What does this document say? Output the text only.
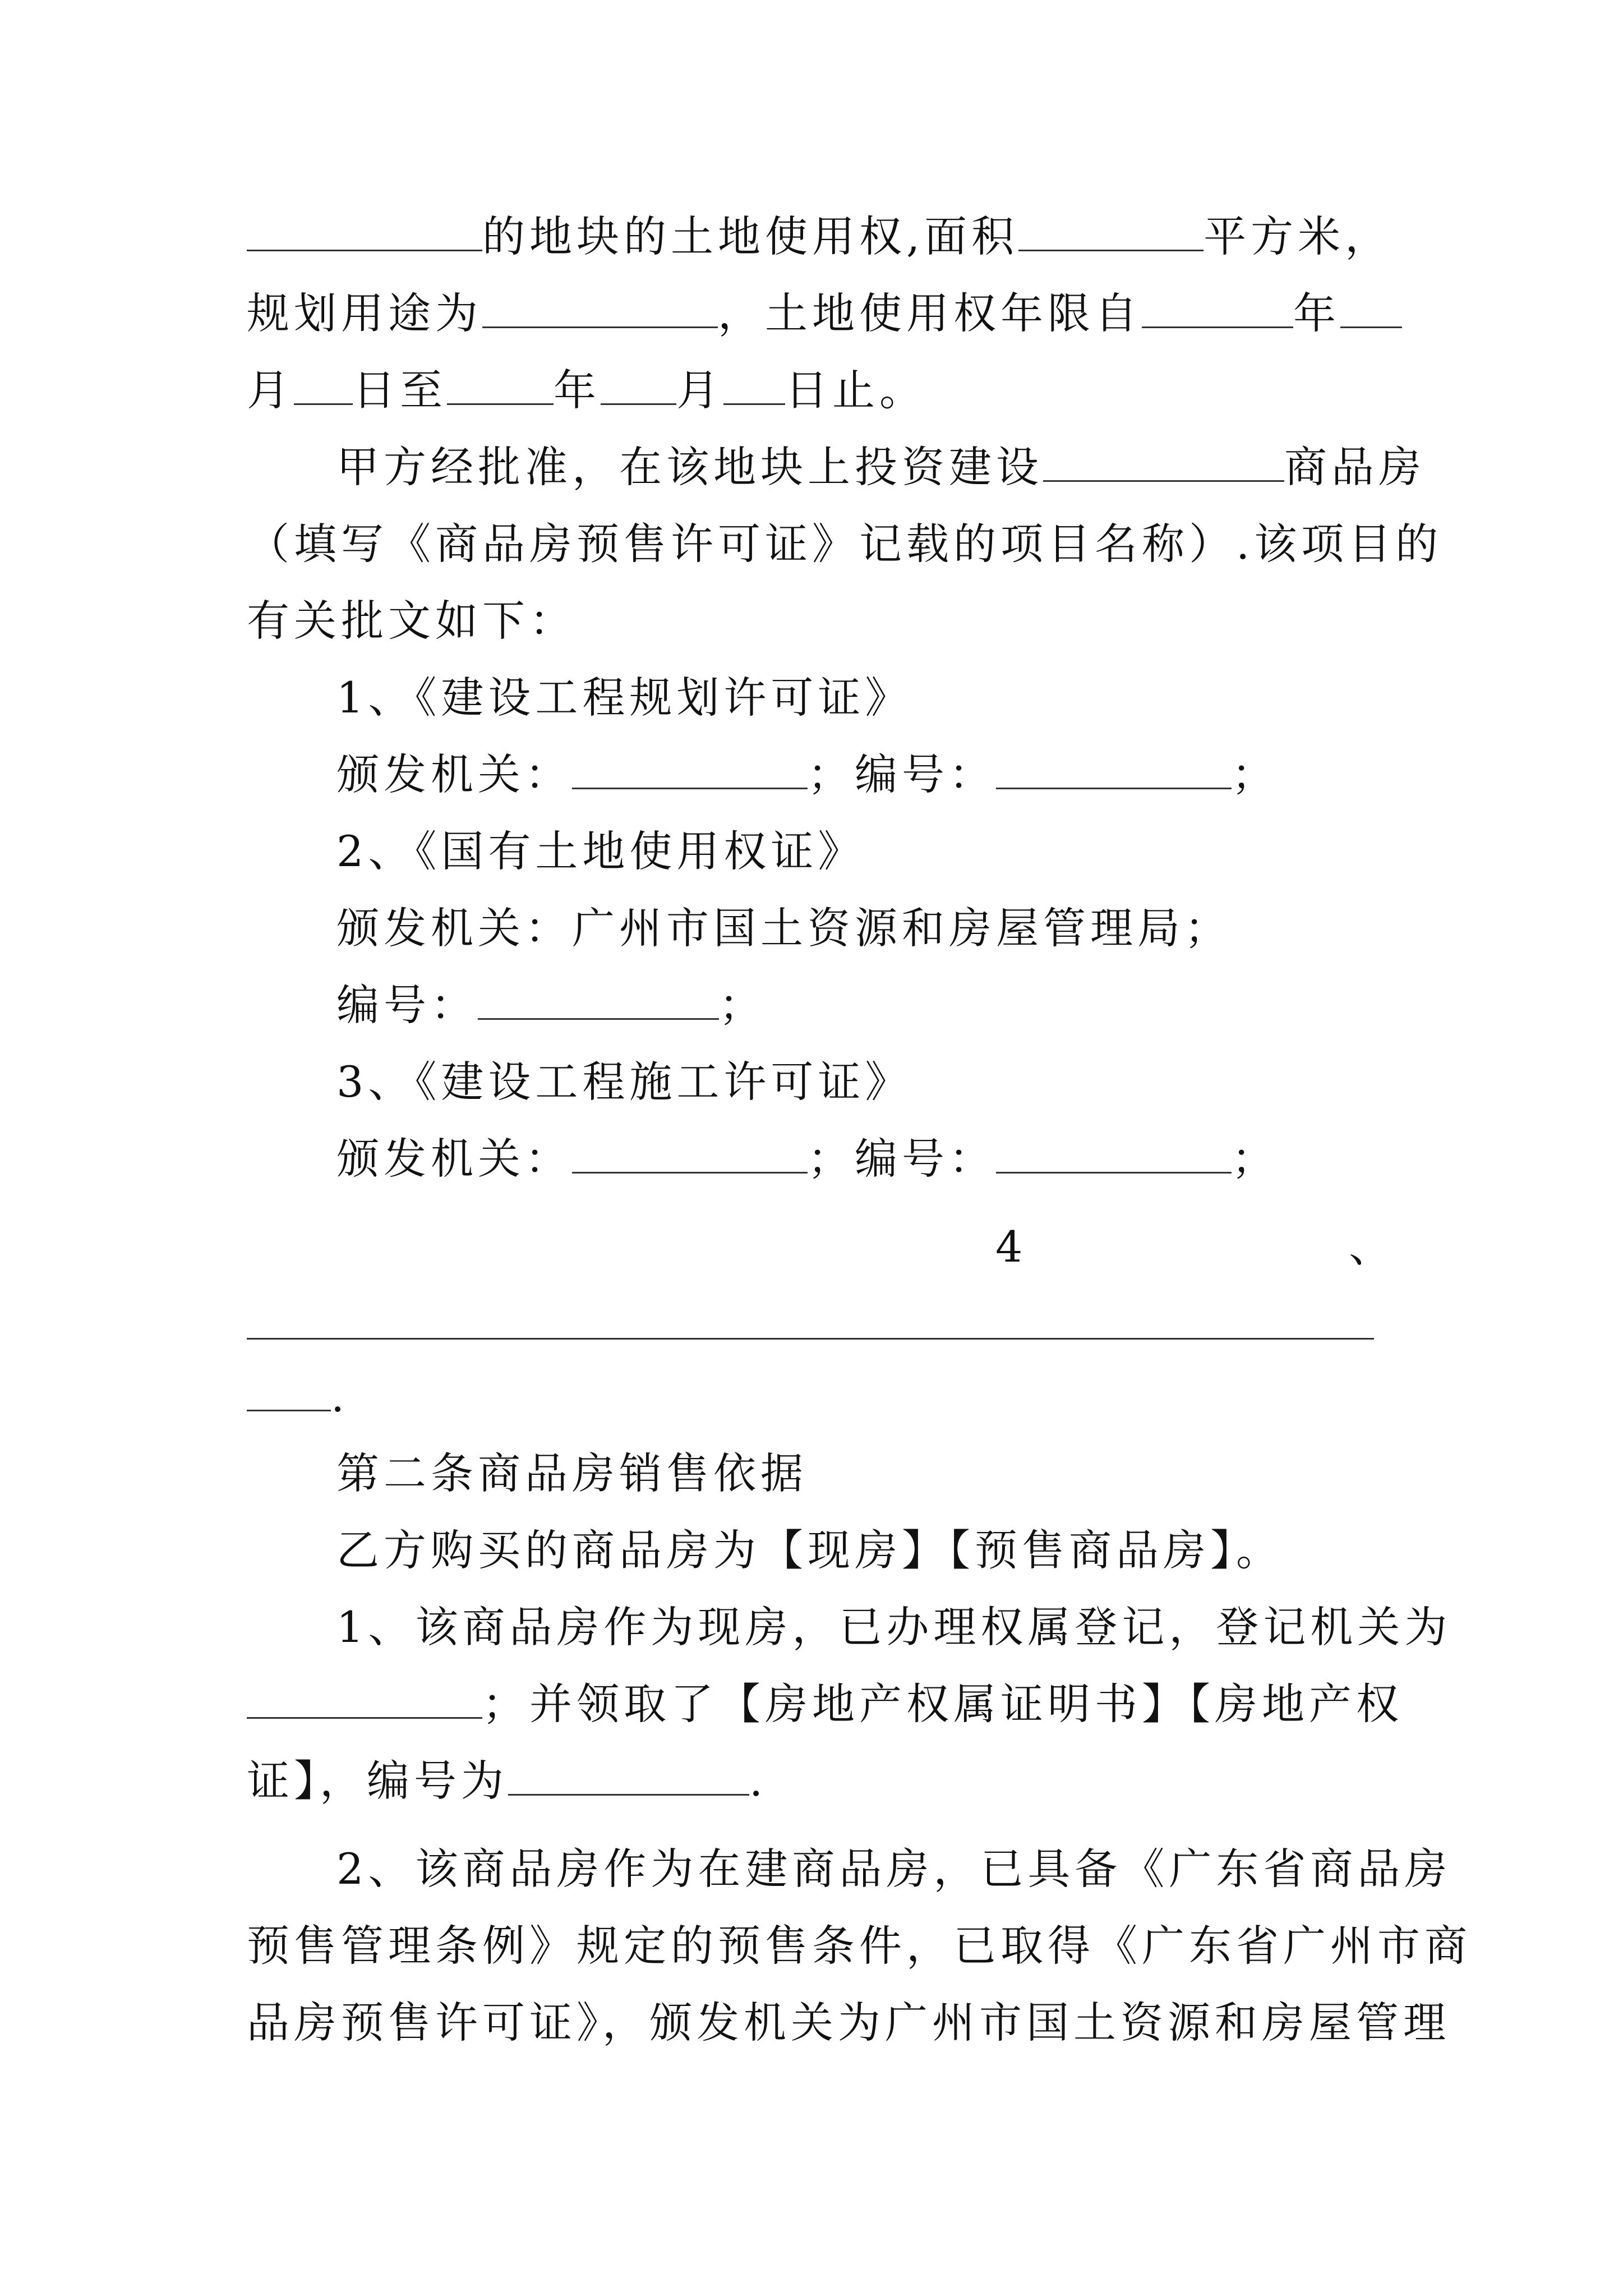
的地块的土地使用权,面积	平方米，
规划用途为	，土地使用权年限自	年
月 日至	年 月 日止。
甲方经批准，在该地块上投资建设	商品房
（填写《商品房预售许可证》记载的项目名称）.该项目的
有关批文如下：
1、《建设工程规划许可证》
颁发机关：	；编号：	；
2、《国有土地使用权证》
颁发机关：广州市国土资源和房屋管理局；
编号：	；
3、《建设工程施工许可证》
颁发机关：	；编号：	；
4	、
.
第二条商品房销售依据
乙方购买的商品房为【现房】【预售商品房】。
1、该商品房作为现房，已办理权属登记，登记机关为
；并领取了【房地产权属证明书】【房地产权
证】，编号为	.
2、该商品房作为在建商品房，已具备《广东省商品房
预售管理条例》规定的预售条件，已取得《广东省广州市商
品房预售许可证》，颁发机关为广州市国土资源和房屋管理
